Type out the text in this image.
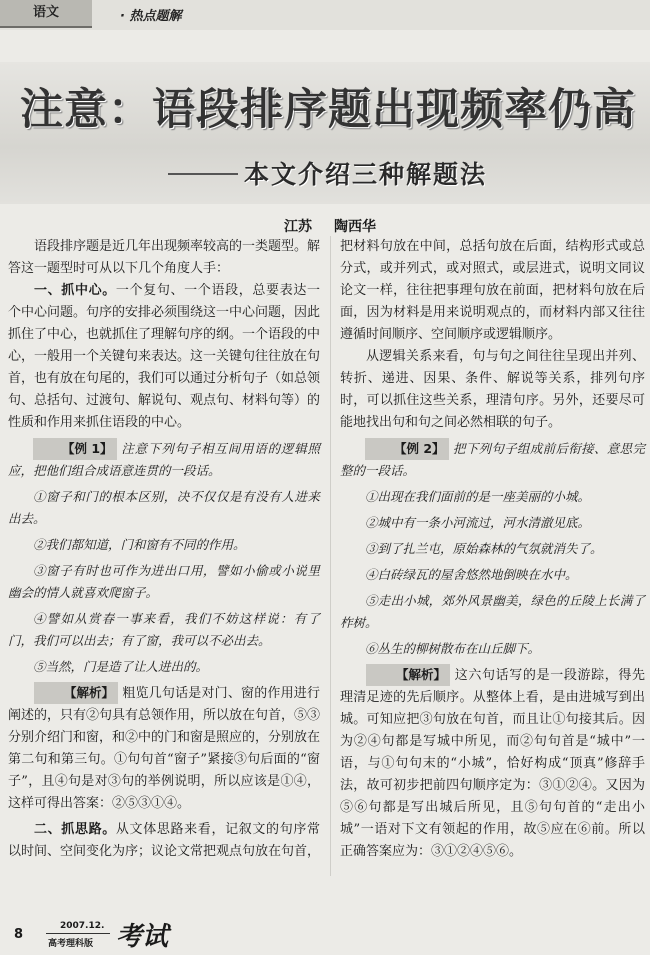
语文	· 热点题解
注意：语段排序题出现频率仍高
本文介绍三种解题法
江苏 陶西华

语段排序题是近几年出现频率较高的一类题型。解答这一题型时可从以下几个角度人手：

一、抓中心。一个复句、一个语段，总要表达一个中心问题。句序的安排必须围绕这一中心问题，因此抓住了中心，也就抓住了理解句序的纲。一个语段的中心，一般用一个关键句来表达。这一关键句往往放在句首，也有放在句尾的，我们可以通过分析句子（如总领句、总括句、过渡句、解说句、观点句、材料句等）的性质和作用来抓住语段的中心。

【例 1】 注意下列句子相互间用语的逻辑照应，把他们组合成语意连贯的一段话。

①窗子和门的根本区别，决不仅仅是有没有人进来出去。

②我们都知道，门和窗有不同的作用。

③窗子有时也可作为进出口用，譬如小偷或小说里幽会的情人就喜欢爬窗子。

④譬如从赏春一事来看，我们不妨这样说：有了门，我们可以出去；有了窗，我可以不必出去。

⑤当然，门是造了让人进出的。

【解析】 粗览几句话是对门、窗的作用进行阐述的，只有②句具有总领作用，所以放在句首，⑤③分别介绍门和窗，和②中的门和窗是照应的，分别放在第二句和第三句。①句句首“窗子”紧接③句后面的“窗子”，且④句是对③句的举例说明，所以应该是①④，这样可得出答案：②⑤③①④。

二、抓思路。从文体思路来看，记叙文的句序常以时间、空间变化为序；议论文常把观点句放在句首，

把材料句放在中间，总括句放在后面，结构形式或总分式，或并列式，或对照式，或层进式，说明文同议论文一样，往往把事理句放在前面，把材料句放在后面，因为材料是用来说明观点的，而材料内部又往往遵循时间顺序、空间顺序或逻辑顺序。

从逻辑关系来看，句与句之间往往呈现出并列、转折、递进、因果、条件、解说等关系，排列句序时，可以抓住这些关系，理清句序。另外，还要尽可能地找出句和句之间必然相联的句子。

【例 2】 把下列句子组成前后衔接、意思完整的一段话。

①出现在我们面前的是一座美丽的小城。

②城中有一条小河流过，河水清澈见底。

③到了扎兰屯，原始森林的气氛就消失了。

④白砖绿瓦的屋舍悠然地倒映在水中。

⑤走出小城，郊外风景幽美，绿色的丘陵上长满了柞树。

⑥丛生的柳树散布在山丘脚下。

【解析】 这六句话写的是一段游踪，得先理清足迹的先后顺序。从整体上看，是由进城写到出城。可知应把③句放在句首，而且让①句接其后。因为②④句都是写城中所见，而②句句首是“城中”一语，与①句句末的“小城”，恰好构成“顶真”修辞手法，故可初步把前四句顺序定为：③①②④。又因为⑤⑥句都是写出城后所见，且⑤句句首的“走出小城”一语对下文有领起的作用，故⑤应在⑥前。所以正确答案应为：③①②④⑤⑥。

8
2007.12.
高考理科版 考试
